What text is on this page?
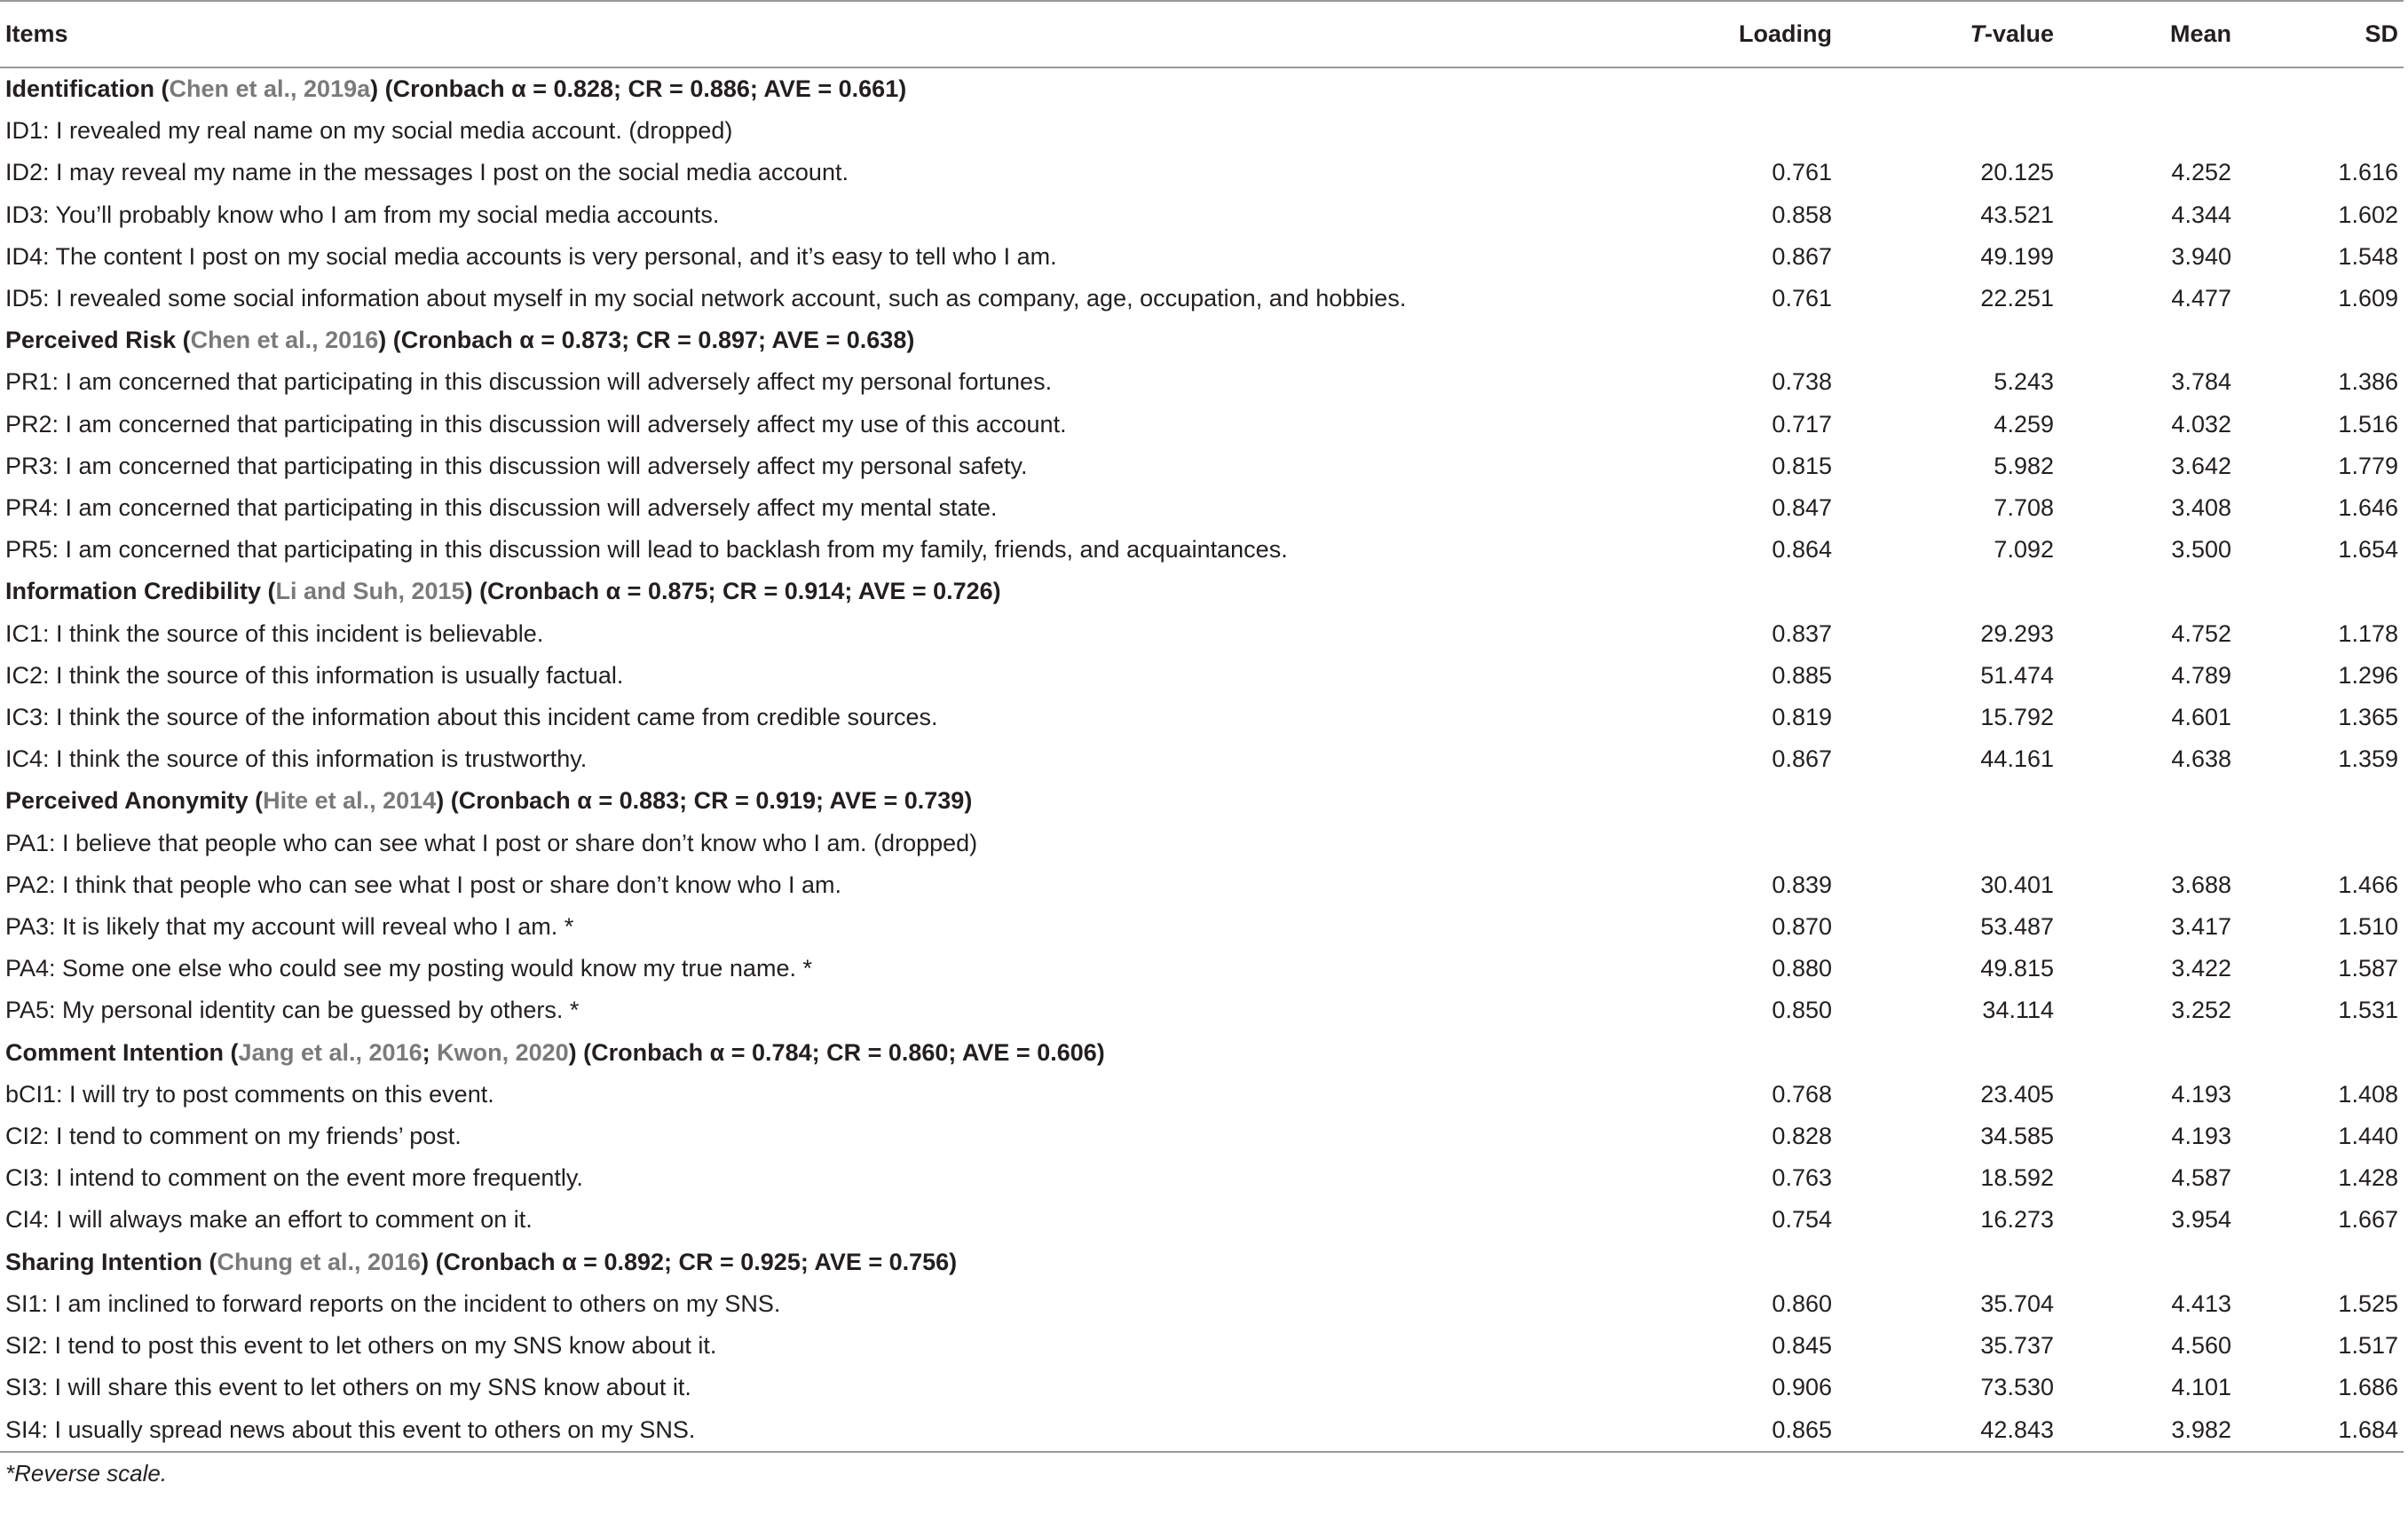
Items	Loading	T-value	Mean	SD
Identification (Chen et al., 2019a) (Cronbach α = 0.828; CR = 0.886; AVE = 0.661)				
ID1: I revealed my real name on my social media account. (dropped)				
ID2: I may reveal my name in the messages I post on the social media account.	0.761	20.125	4.252	1.616
ID3: You’ll probably know who I am from my social media accounts.	0.858	43.521	4.344	1.602
ID4: The content I post on my social media accounts is very personal, and it’s easy to tell who I am.	0.867	49.199	3.940	1.548
ID5: I revealed some social information about myself in my social network account, such as company, age, occupation, and hobbies.	0.761	22.251	4.477	1.609
Perceived Risk (Chen et al., 2016) (Cronbach α = 0.873; CR = 0.897; AVE = 0.638)				
PR1: I am concerned that participating in this discussion will adversely affect my personal fortunes.	0.738	5.243	3.784	1.386
PR2: I am concerned that participating in this discussion will adversely affect my use of this account.	0.717	4.259	4.032	1.516
PR3: I am concerned that participating in this discussion will adversely affect my personal safety.	0.815	5.982	3.642	1.779
PR4: I am concerned that participating in this discussion will adversely affect my mental state.	0.847	7.708	3.408	1.646
PR5: I am concerned that participating in this discussion will lead to backlash from my family, friends, and acquaintances.	0.864	7.092	3.500	1.654
Information Credibility (Li and Suh, 2015) (Cronbach α = 0.875; CR = 0.914; AVE = 0.726)				
IC1: I think the source of this incident is believable.	0.837	29.293	4.752	1.178
IC2: I think the source of this information is usually factual.	0.885	51.474	4.789	1.296
IC3: I think the source of the information about this incident came from credible sources.	0.819	15.792	4.601	1.365
IC4: I think the source of this information is trustworthy.	0.867	44.161	4.638	1.359
Perceived Anonymity (Hite et al., 2014) (Cronbach α = 0.883; CR = 0.919; AVE = 0.739)				
PA1: I believe that people who can see what I post or share don’t know who I am. (dropped)				
PA2: I think that people who can see what I post or share don’t know who I am.	0.839	30.401	3.688	1.466
PA3: It is likely that my account will reveal who I am. *	0.870	53.487	3.417	1.510
PA4: Some one else who could see my posting would know my true name. *	0.880	49.815	3.422	1.587
PA5: My personal identity can be guessed by others. *	0.850	34.114	3.252	1.531
Comment Intention (Jang et al., 2016; Kwon, 2020) (Cronbach α = 0.784; CR = 0.860; AVE = 0.606)				
bCI1: I will try to post comments on this event.	0.768	23.405	4.193	1.408
CI2: I tend to comment on my friends’ post.	0.828	34.585	4.193	1.440
CI3: I intend to comment on the event more frequently.	0.763	18.592	4.587	1.428
CI4: I will always make an effort to comment on it.	0.754	16.273	3.954	1.667
Sharing Intention (Chung et al., 2016) (Cronbach α = 0.892; CR = 0.925; AVE = 0.756)				
SI1: I am inclined to forward reports on the incident to others on my SNS.	0.860	35.704	4.413	1.525
SI2: I tend to post this event to let others on my SNS know about it.	0.845	35.737	4.560	1.517
SI3: I will share this event to let others on my SNS know about it.	0.906	73.530	4.101	1.686
SI4: I usually spread news about this event to others on my SNS.	0.865	42.843	3.982	1.684
*Reverse scale.
